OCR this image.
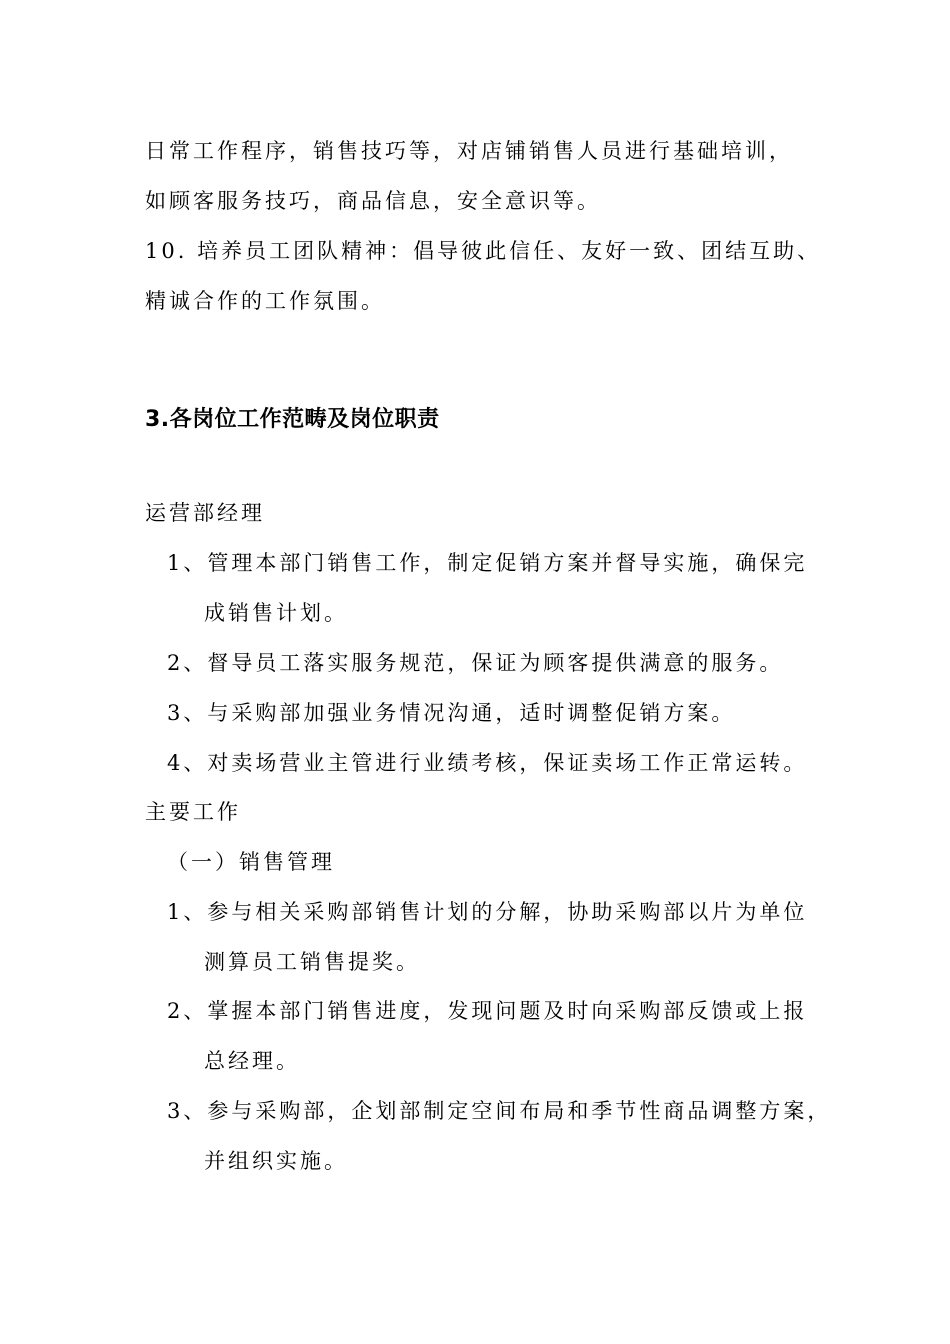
日常工作程序，销售技巧等，对店铺销售人员进行基础培训，
如顾客服务技巧，商品信息，安全意识等。
10. 培养员工团队精神：倡导彼此信任、友好一致、团结互助、
精诚合作的工作氛围。
3.各岗位工作范畴及岗位职责
运营部经理
1、管理本部门销售工作，制定促销方案并督导实施，确保完
成销售计划。
2、督导员工落实服务规范，保证为顾客提供满意的服务。
3、与采购部加强业务情况沟通，适时调整促销方案。
4、对卖场营业主管进行业绩考核，保证卖场工作正常运转。
主要工作
（一）销售管理
1、参与相关采购部销售计划的分解，协助采购部以片为单位
测算员工销售提奖。
2、掌握本部门销售进度，发现问题及时向采购部反馈或上报
总经理。
3、参与采购部，企划部制定空间布局和季节性商品调整方案，
并组织实施。
